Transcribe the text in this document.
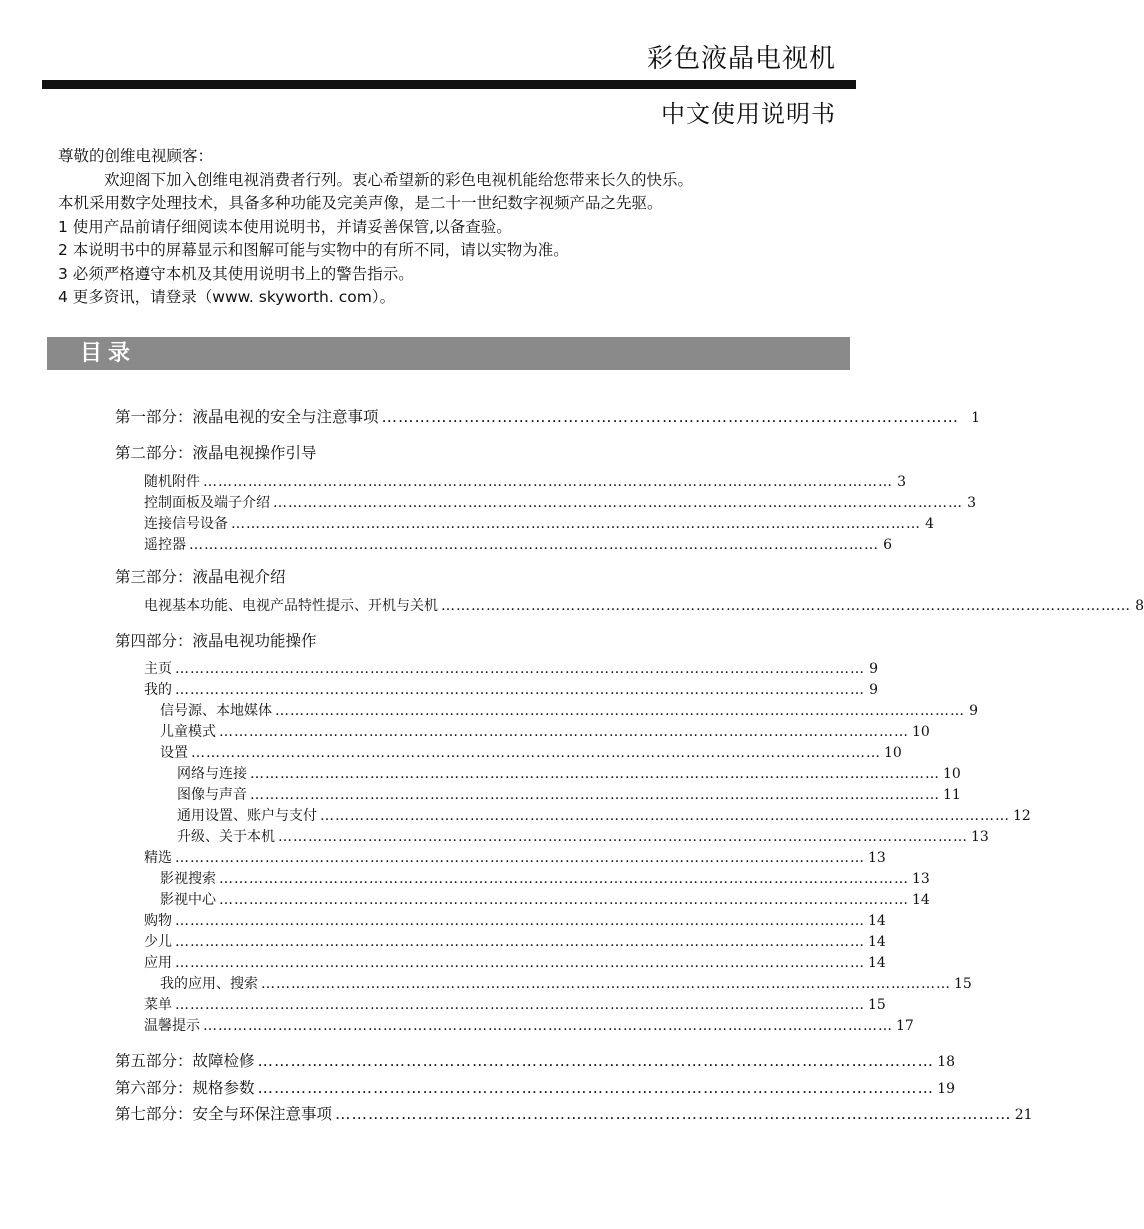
彩色液晶电视机
中文使用说明书

尊敬的创维电视顾客：

欢迎阁下加入创维电视消费者行列。衷心希望新的彩色电视机能给您带来长久的快乐。

本机采用数字处理技术，具备多种功能及完美声像，是二十一世纪数字视频产品之先驱。

1 使用产品前请仔细阅读本使用说明书，并请妥善保管,以备查验。

2 本说明书中的屏幕显示和图解可能与实物中的有所不同，请以实物为准。

3 必须严格遵守本机及其使用说明书上的警告指示。

4 更多资讯，请登录（www. skyworth. com）。

目录
第一部分：液晶电视的安全与注意事项 …………………………………………………………………………………………… 1
第二部分：液晶电视操作引导
随机附件 ………………………………………………………………………………………………………………………… 3
控制面板及端子介绍 ………………………………………………………………………………………………………………………… 3
连接信号设备 ………………………………………………………………………………………………………………………… 4
遥控器 ………………………………………………………………………………………………………………………… 6
第三部分：液晶电视介绍
电视基本功能、电视产品特性提示、开机与关机 ………………………………………………………………………………………………………………………… 8
第四部分：液晶电视功能操作
主页 ………………………………………………………………………………………………………………………… 9
我的 ………………………………………………………………………………………………………………………… 9
信号源、本地媒体 ………………………………………………………………………………………………………………………… 9
儿童模式 ………………………………………………………………………………………………………………………… 10
设置 ………………………………………………………………………………………………………………………… 10
网络与连接 ………………………………………………………………………………………………………………………… 10
图像与声音 ………………………………………………………………………………………………………………………… 11
通用设置、账户与支付 ………………………………………………………………………………………………………………………… 12
升级、关于本机 ………………………………………………………………………………………………………………………… 13
精选 ………………………………………………………………………………………………………………………… 13
影视搜索 ………………………………………………………………………………………………………………………… 13
影视中心 ………………………………………………………………………………………………………………………… 14
购物 ………………………………………………………………………………………………………………………… 14
少儿 ………………………………………………………………………………………………………………………… 14
应用 ………………………………………………………………………………………………………………………… 14
我的应用、搜索 ………………………………………………………………………………………………………………………… 15
菜单 ………………………………………………………………………………………………………………………… 15
温馨提示 ………………………………………………………………………………………………………………………… 17
第五部分：故障检修 …………………………………………………………………………………………………………… 18
第六部分：规格参数 …………………………………………………………………………………………………………… 19
第七部分：安全与环保注意事项 …………………………………………………………………………………………………………… 21
